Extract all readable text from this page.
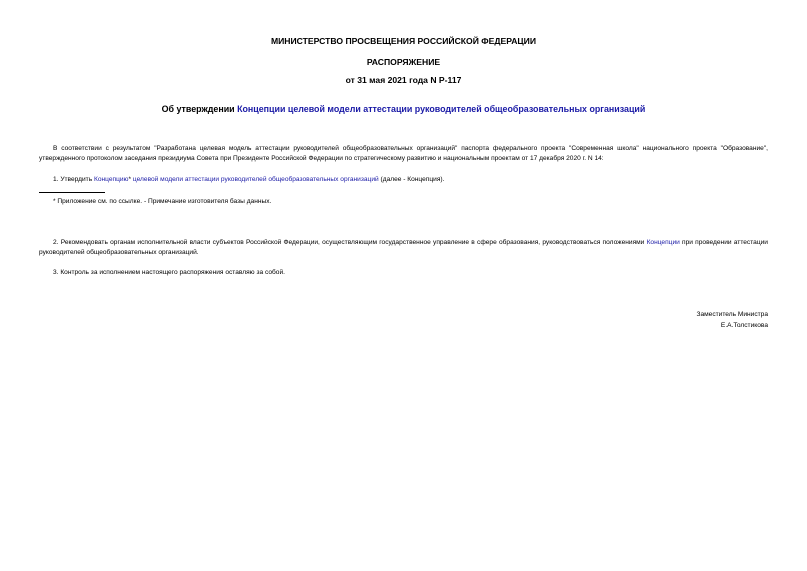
МИНИСТЕРСТВО ПРОСВЕЩЕНИЯ РОССИЙСКОЙ ФЕДЕРАЦИИ
РАСПОРЯЖЕНИЕ
от 31 мая 2021 года N Р-117
Об утверждении Концепции целевой модели аттестации руководителей общеобразовательных организаций
В соответствии с результатом "Разработана целевая модель аттестации руководителей общеобразовательных организаций" паспорта федерального проекта "Современная школа" национального проекта "Образование", утвержденного протоколом заседания президиума Совета при Президенте Российской Федерации по стратегическому развитию и национальным проектам от 17 декабря 2020 г. N 14:
1. Утвердить Концепцию* целевой модели аттестации руководителей общеобразовательных организаций (далее - Концепция).
* Приложение см. по ссылке. - Примечание изготовителя базы данных.
2. Рекомендовать органам исполнительной власти субъектов Российской Федерации, осуществляющим государственное управление в сфере образования, руководствоваться положениями Концепции при проведении аттестации руководителей общеобразовательных организаций.
3. Контроль за исполнением настоящего распоряжения оставляю за собой.
Заместитель Министра
Е.А.Толстикова
